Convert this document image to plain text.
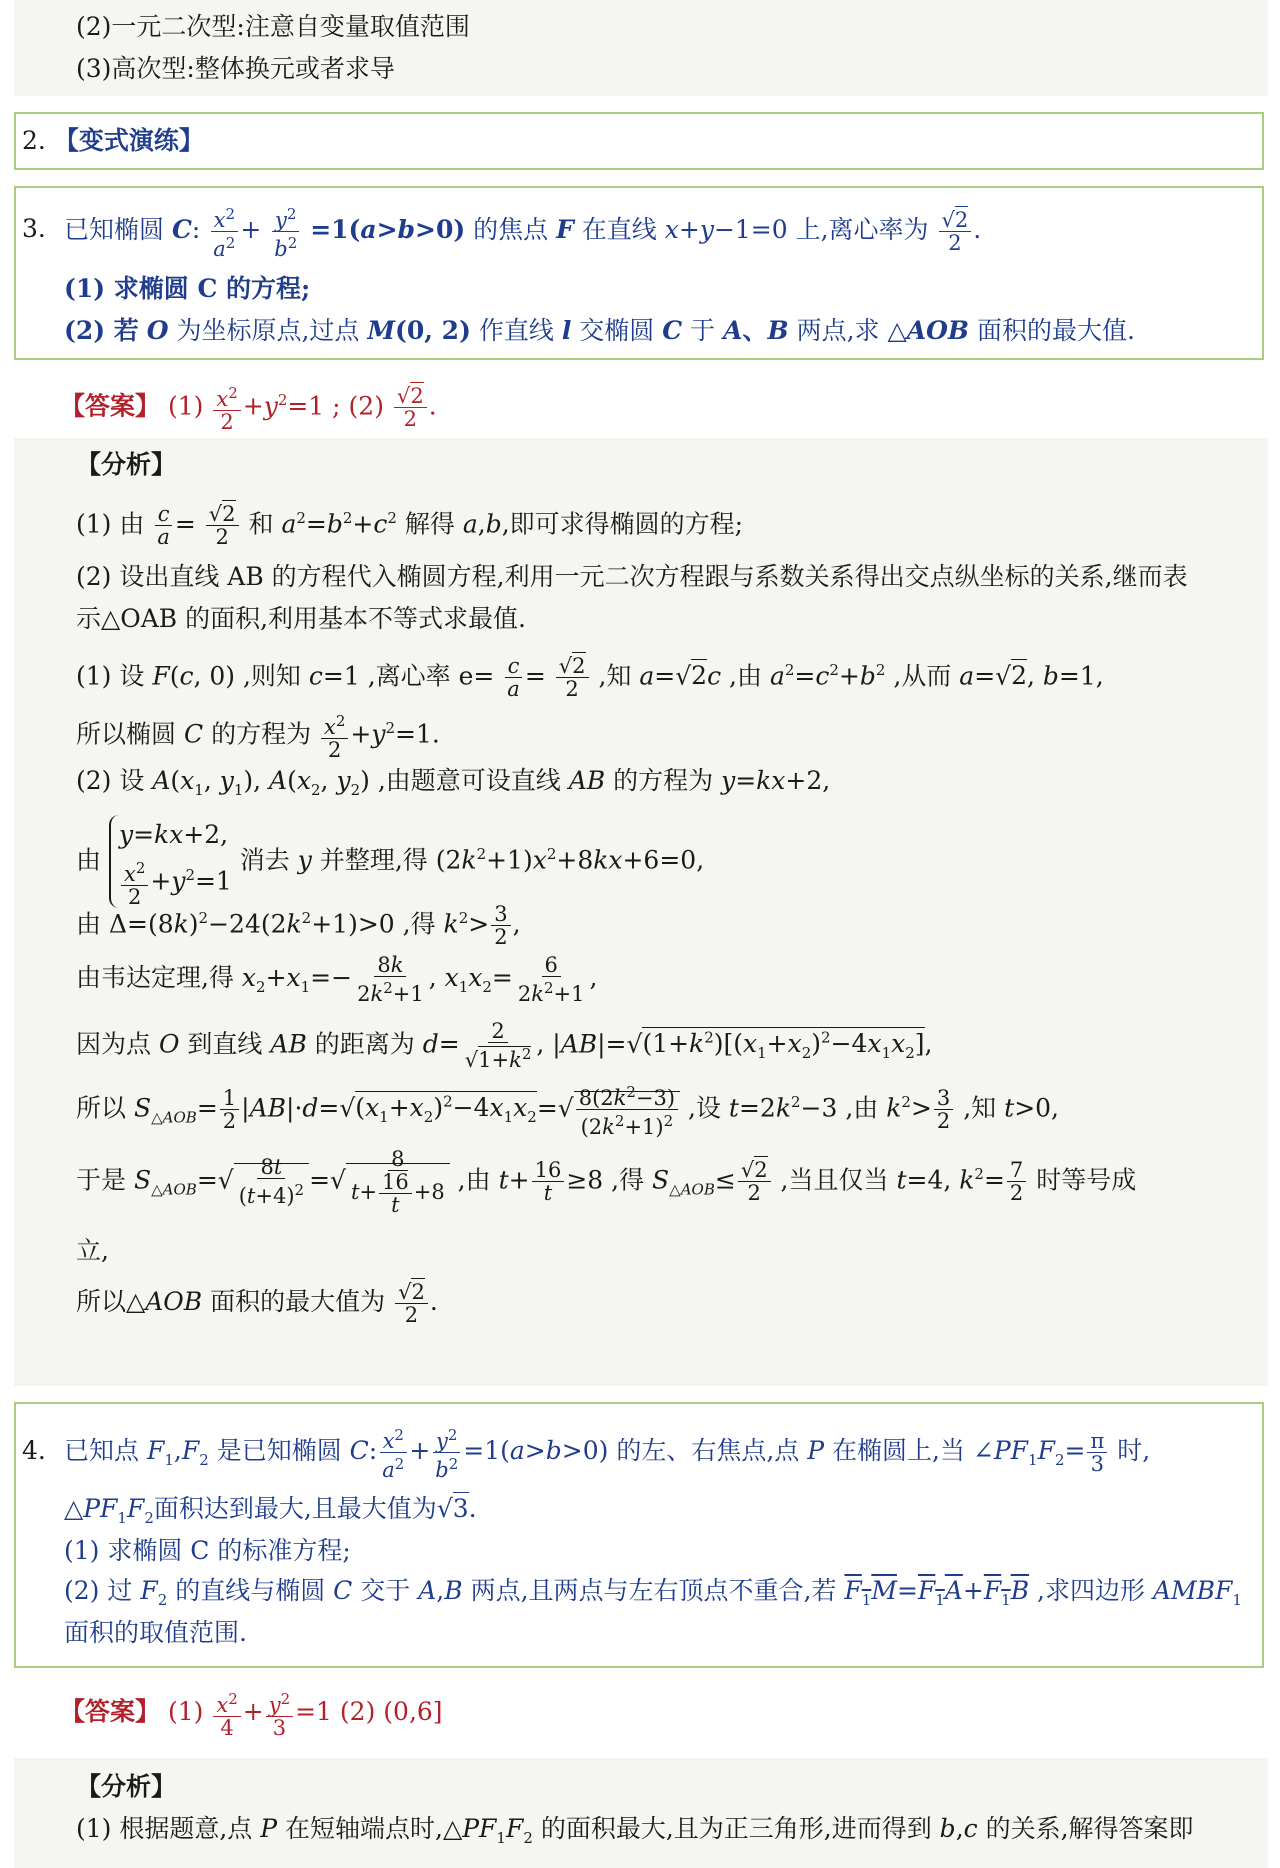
(2)一元二次型:注意自变量取值范围
(3)高次型:整体换元或者求导
2. 【变式演练】
3. 已知椭圆 C: $\frac{x^2}{a^2} + \frac{y^2}{b^2} =1(a>b>0)$ 的焦点 F 在直线 x+y−1=0 上,离心率为 $\frac{√2}{2}$ .
(1) 求椭圆 C 的方程;
(2) 若 O 为坐标原点,过点 M(0, 2) 作直线 l 交椭圆 C 于 A、B 两点,求 △AOB 面积的最大值.
【答案】 $(1) \frac{x^2}{2} +y^2=1$ ; $(2) \frac{√2}{2}$ .
【分析】
(1) 由 $\frac{c}{a} = \frac{√2}{2}$ 和 $a^2=b^2+c^2$ 解得 a,b,即可求得椭圆的方程;
(2) 设出直线 AB 的方程代入椭圆方程,利用一元二次方程跟与系数关系得出交点纵坐标的关系,继而表
示△OAB 的面积,利用基本不等式求最值.
(1) 设 F(c, 0) ,则知 c=1 ,离心率 $e= \frac{c}{a} = \frac{√2}{2}$ ,知 a=√2c ,由 $a^2=c^2+b^2$ ,从而 a=√2, b=1,
所以椭圆 C 的方程为 $\frac{x^2}{2} +y^2=1$.
(2) 设 $A(x_1$, $y_1$), $A(x_2$, $y_2$) ,由题意可设直线 AB 的方程为 y=kx+2,
由
y=kx+2,
$\frac{x^2}{2} +y^2=1$
消去 y 并整理,得 $(2k^2+1)x^2+8kx+6=0$,
由 $\Delta=(8k)^2-24(2k^2+1)>0$ ,得 $k^2> \frac{3}{2}$ ,
由韦达定理,得 $x_2+x_1=- \frac{8k}{2k^2+1}$ , $x_1x_2= \frac{6}{2k^2+1}$ ,
因为点 O 到直线 AB 的距离为 $d= \frac{2}{√1+k^2}$ , $|AB|=√(1+k^2)[(x_1+x_2)^2-4x_1x_2]$,
所以 $S_{\triangle AOB}= \frac{1}{2} |AB|\cdot d=√(x_1+x_2)^2-4x_1x_2=√ \frac{8(2k^2-3)}{(2k^2+1)^2}$ ,设 $t=2k^2-3$ ,由 $k^2> \frac{3}{2}$ ,知 t>0,
于是 $S_{\triangle AOB}=√ \frac{8t}{(t+4)^2}$ =√ $\frac{8}{t+ \frac{16}{t} +8}$ ,由 $t+ \frac{16}{t} \ge 8$ ,得 $S_{\triangle AOB}\le \frac{√2}{2}$ ,当且仅当 t=4, $k^2= \frac{7}{2}$ 时等号成
立,
所以△AOB 面积的最大值为 $\frac{√2}{2}$ .
4. 已知点 $F_1,F_2$ 是已知椭圆 C: $\frac{x^2}{a^2} + \frac{y^2}{b^2} =1(a>b>0)$ 的左、右焦点,点 P 在椭圆上,当 $\angle PF_1F_2= \frac{\pi}{3}$ 时,
$\triangle PF_1F_2$面积达到最大,且最大值为√3.
(1) 求椭圆 C 的标准方程;
(2) 过 $F_2$ 的直线与椭圆 C 交于 A,B 两点,且两点与左右顶点不重合,若 $F_1M=F_1A+F_1B$ ,求四边形 $AMBF_1$
面积的取值范围.
【答案】 $(1) \frac{x^2}{4} + \frac{y^2}{3} =1$ (2) (0,6]
【分析】
(1) 根据题意,点 P 在短轴端点时$,\triangle PF_1F_2$ 的面积最大,且为正三角形,进而得到 b,c 的关系,解得答案即
